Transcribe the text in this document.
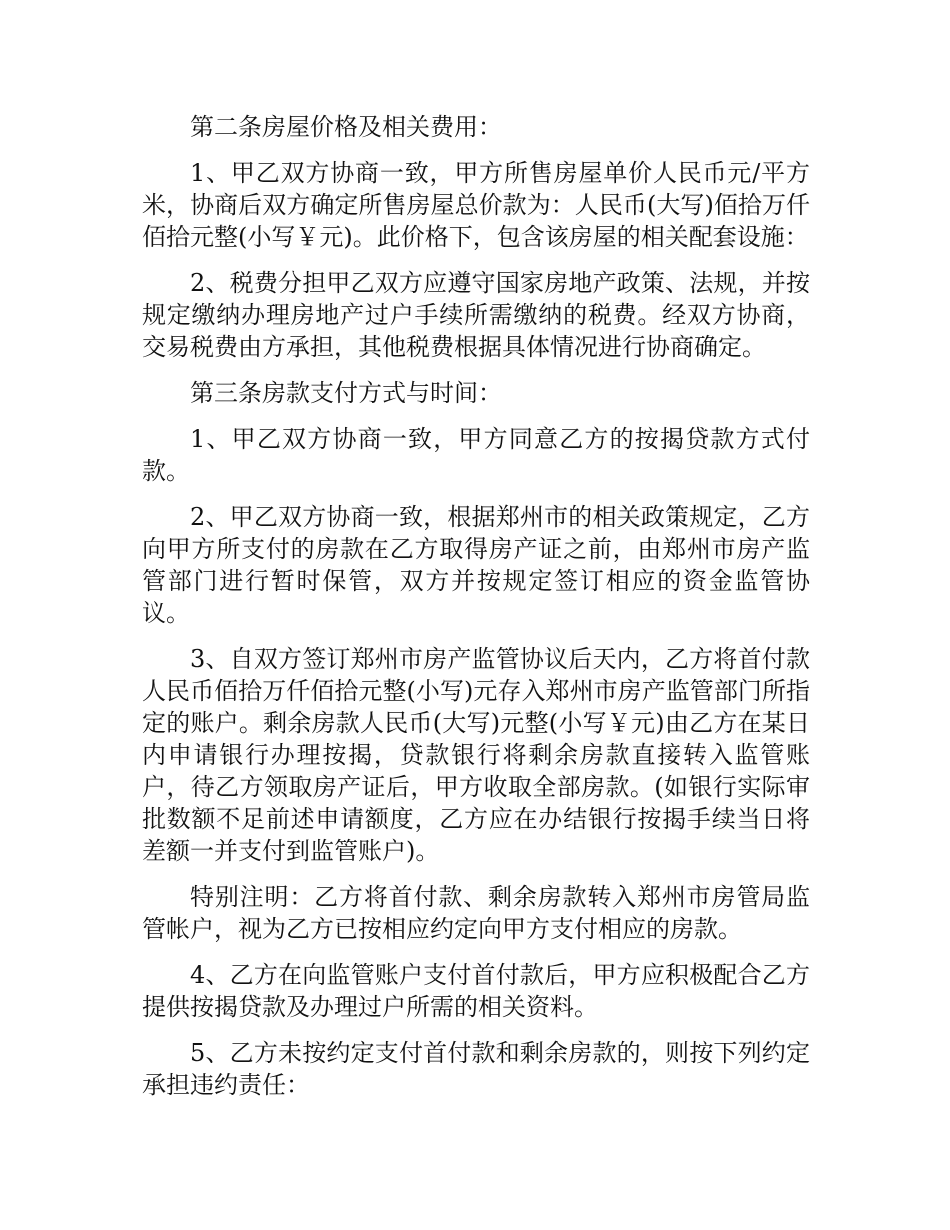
第二条房屋价格及相关费用：

1、甲乙双方协商一致，甲方所售房屋单价人民币元/平方米，协商后双方确定所售房屋总价款为：人民币(大写)佰拾万仟佰拾元整(小写￥元)。此价格下，包含该房屋的相关配套设施：

2、税费分担甲乙双方应遵守国家房地产政策、法规，并按规定缴纳办理房地产过户手续所需缴纳的税费。经双方协商，交易税费由方承担，其他税费根据具体情况进行协商确定。

第三条房款支付方式与时间：

1、甲乙双方协商一致，甲方同意乙方的按揭贷款方式付款。

2、甲乙双方协商一致，根据郑州市的相关政策规定，乙方向甲方所支付的房款在乙方取得房产证之前，由郑州市房产监管部门进行暂时保管，双方并按规定签订相应的资金监管协议。

3、自双方签订郑州市房产监管协议后天内，乙方将首付款人民币佰拾万仟佰拾元整(小写)元存入郑州市房产监管部门所指定的账户。剩余房款人民币(大写)元整(小写￥元)由乙方在某日内申请银行办理按揭，贷款银行将剩余房款直接转入监管账户，待乙方领取房产证后，甲方收取全部房款。(如银行实际审批数额不足前述申请额度，乙方应在办结银行按揭手续当日将差额一并支付到监管账户)。

特别注明：乙方将首付款、剩余房款转入郑州市房管局监管帐户，视为乙方已按相应约定向甲方支付相应的房款。

4、乙方在向监管账户支付首付款后，甲方应积极配合乙方提供按揭贷款及办理过户所需的相关资料。

5、乙方未按约定支付首付款和剩余房款的，则按下列约定承担违约责任：
